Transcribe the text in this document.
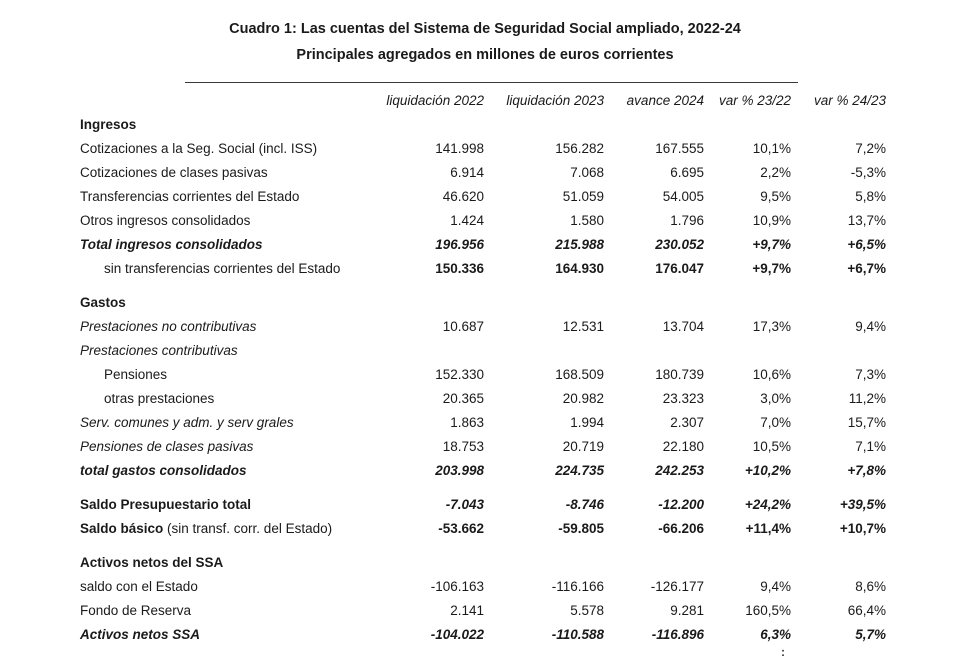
Cuadro 1: Las cuentas del Sistema de Seguridad Social ampliado, 2022-24
Principales agregados en millones de euros corrientes
liquidación 2022	liquidación 2023	avance 2024	var % 23/22	var % 24/23
Ingresos
Cotizaciones a la Seg. Social (incl. ISS)	141.998	156.282	167.555	10,1%	7,2%
Cotizaciones de clases pasivas	6.914	7.068	6.695	2,2%	-5,3%
Transferencias corrientes del Estado	46.620	51.059	54.005	9,5%	5,8%
Otros ingresos consolidados	1.424	1.580	1.796	10,9%	13,7%
Total ingresos consolidados	196.956	215.988	230.052	+9,7%	+6,5%
sin transferencias corrientes del Estado	150.336	164.930	176.047	+9,7%	+6,7%
Gastos
Prestaciones no contributivas	10.687	12.531	13.704	17,3%	9,4%
Prestaciones contributivas
Pensiones	152.330	168.509	180.739	10,6%	7,3%
otras prestaciones	20.365	20.982	23.323	3,0%	11,2%
Serv. comunes y adm. y serv grales	1.863	1.994	2.307	7,0%	15,7%
Pensiones de clases pasivas	18.753	20.719	22.180	10,5%	7,1%
total gastos consolidados	203.998	224.735	242.253	+10,2%	+7,8%
Saldo Presupuestario total	-7.043	-8.746	-12.200	+24,2%	+39,5%
Saldo básico (sin transf. corr. del Estado)	-53.662	-59.805	-66.206	+11,4%	+10,7%
Activos netos del SSA
saldo con el Estado	-106.163	-116.166	-126.177	9,4%	8,6%
Fondo de Reserva	2.141	5.578	9.281	160,5%	66,4%
Activos netos SSA	-104.022	-110.588	-116.896	6,3%	5,7%
:
